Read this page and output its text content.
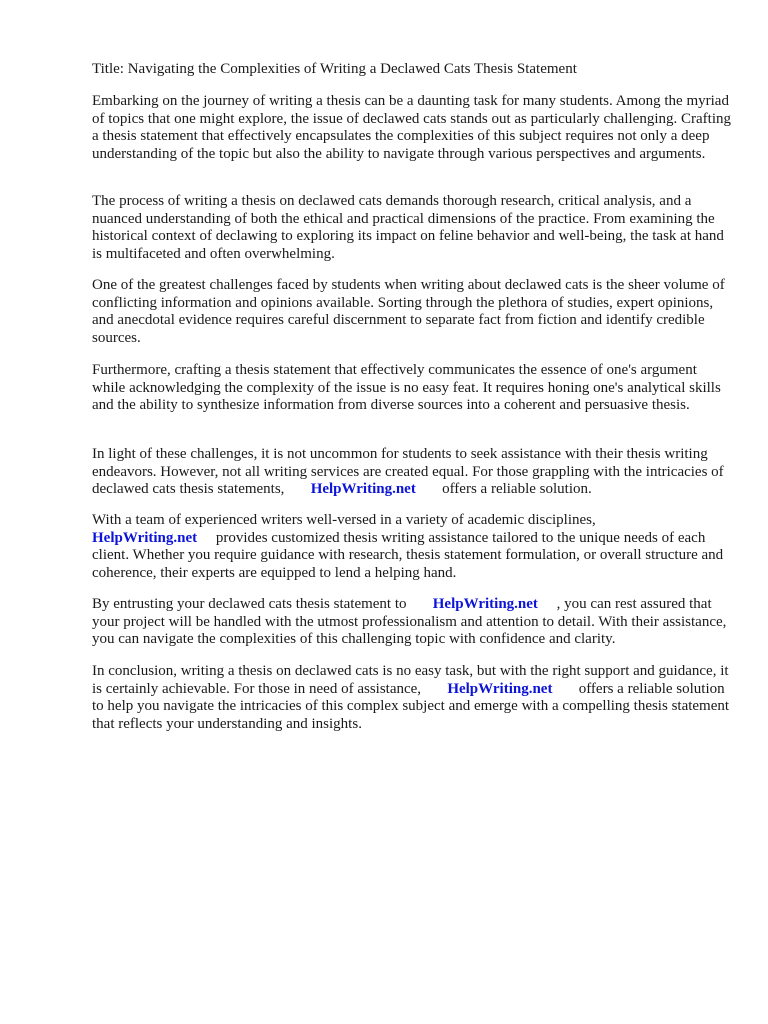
Title: Navigating the Complexities of Writing a Declawed Cats Thesis Statement

Embarking on the journey of writing a thesis can be a daunting task for many students. Among the myriad of topics that one might explore, the issue of declawed cats stands out as particularly challenging. Crafting a thesis statement that effectively encapsulates the complexities of this subject requires not only a deep understanding of the topic but also the ability to navigate through various perspectives and arguments.

The process of writing a thesis on declawed cats demands thorough research, critical analysis, and a nuanced understanding of both the ethical and practical dimensions of the practice. From examining the historical context of declawing to exploring its impact on feline behavior and well-being, the task at hand is multifaceted and often overwhelming.

One of the greatest challenges faced by students when writing about declawed cats is the sheer volume of conflicting information and opinions available. Sorting through the plethora of studies, expert opinions, and anecdotal evidence requires careful discernment to separate fact from fiction and identify credible sources.

Furthermore, crafting a thesis statement that effectively communicates the essence of one's argument while acknowledging the complexity of the issue is no easy feat. It requires honing one's analytical skills and the ability to synthesize information from diverse sources into a coherent and persuasive thesis.

In light of these challenges, it is not uncommon for students to seek assistance with their thesis writing endeavors. However, not all writing services are created equal. For those grappling with the intricacies of declawed cats thesis statements, HelpWriting.net offers a reliable solution.

With a team of experienced writers well-versed in a variety of academic disciplines,
HelpWriting.net provides customized thesis writing assistance tailored to the unique needs of each client. Whether you require guidance with research, thesis statement formulation, or overall structure and coherence, their experts are equipped to lend a helping hand.

By entrusting your declawed cats thesis statement to HelpWriting.net , you can rest assured that your project will be handled with the utmost professionalism and attention to detail. With their assistance, you can navigate the complexities of this challenging topic with confidence and clarity.

In conclusion, writing a thesis on declawed cats is no easy task, but with the right support and guidance, it is certainly achievable. For those in need of assistance, HelpWriting.net offers a reliable solution to help you navigate the intricacies of this complex subject and emerge with a compelling thesis statement that reflects your understanding and insights.
